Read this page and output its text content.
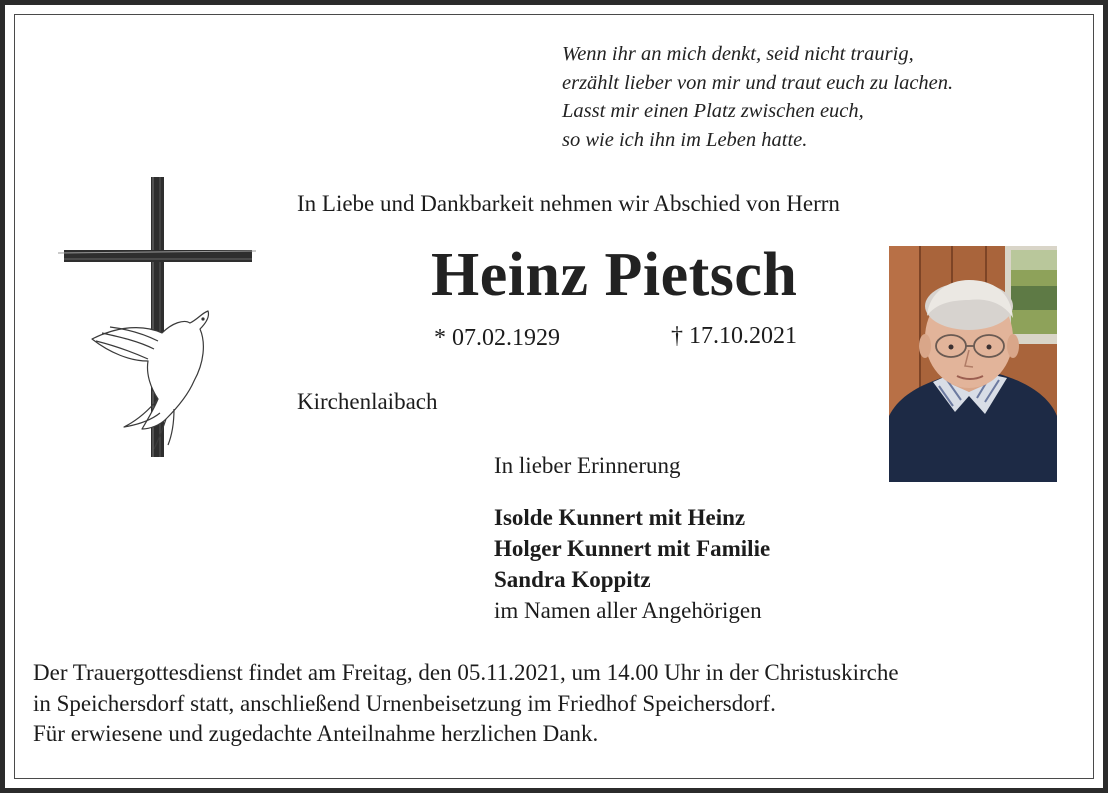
Wenn ihr an mich denkt, seid nicht traurig,
erzählt lieber von mir und traut euch zu lachen.
Lasst mir einen Platz zwischen euch,
so wie ich ihn im Leben hatte.
In Liebe und Dankbarkeit nehmen wir Abschied von Herrn
Heinz Pietsch
* 07.02.1929	† 17.10.2021
Kirchenlaibach
In lieber Erinnerung
Isolde Kunnert mit Heinz
Holger Kunnert mit Familie
Sandra Koppitz
im Namen aller Angehörigen
Der Trauergottesdienst findet am Freitag, den 05.11.2021, um 14.00 Uhr in der Christuskirche
in Speichersdorf statt, anschließend Urnenbeisetzung im Friedhof Speichersdorf.
Für erwiesene und zugedachte Anteilnahme herzlichen Dank.
